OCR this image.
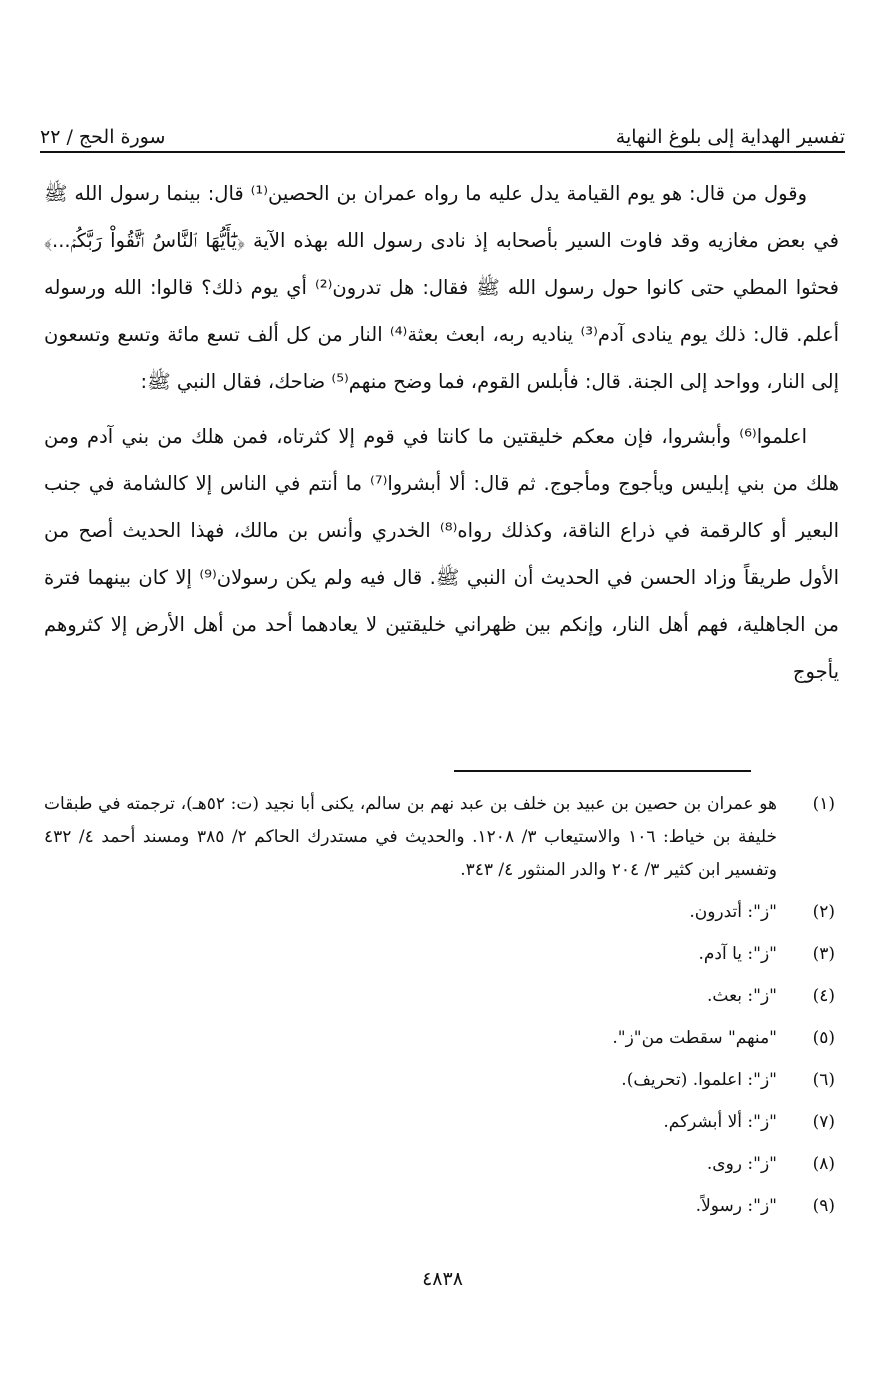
تفسير الهداية إلى بلوغ النهاية
سورة الحج / ٢٢

وقول من قال: هو يوم القيامة يدل عليه ما رواه عمران بن الحصين⁽¹⁾ قال: بينما رسول الله ﷺ في بعض مغازيه وقد فاوت السير بأصحابه إذ نادى رسول الله بهذه الآية ﴿يَٰٓأَيُّهَا ٱلنَّاسُ ٱتَّقُواْ رَبَّكُمۡ...﴾ فحثوا المطي حتى كانوا حول رسول الله ﷺ فقال: هل تدرون⁽²⁾ أي يوم ذلك؟ قالوا: الله ورسوله أعلم. قال: ذلك يوم ينادى آدم⁽³⁾ يناديه ربه، ابعث بعثة⁽⁴⁾ النار من كل ألف تسع مائة وتسع وتسعون إلى النار، وواحد إلى الجنة. قال: فأبلس القوم، فما وضح منهم⁽⁵⁾ ضاحك، فقال النبي ﷺ:

اعلموا⁽⁶⁾ وأبشروا، فإن معكم خليقتين ما كانتا في قوم إلا كثرتاه، فمن هلك من بني آدم ومن هلك من بني إبليس ويأجوج ومأجوج. ثم قال: ألا أبشروا⁽⁷⁾ ما أنتم في الناس إلا كالشامة في جنب البعير أو كالرقمة في ذراع الناقة، وكذلك رواه⁽⁸⁾ الخدري وأنس بن مالك، فهذا الحديث أصح من الأول طريقاً وزاد الحسن في الحديث أن النبي ﷺ. قال فيه ولم يكن رسولان⁽⁹⁾ إلا كان بينهما فترة من الجاهلية، فهم أهل النار، وإنكم بين ظهراني خليقتين لا يعادهما أحد من أهل الأرض إلا كثروهم يأجوج

(١)
هو عمران بن حصين بن عبيد بن خلف بن عبد نهم بن سالم، يكنى أبا نجيد (ت: ٥٢هـ)، ترجمته في طبقات خليفة بن خياط: ١٠٦ والاستيعاب ٣/ ١٢٠٨. والحديث في مستدرك الحاكم ٢/ ٣٨٥ ومسند أحمد ٤/ ٤٣٢ وتفسير ابن كثير ٣/ ٢٠٤ والدر المنثور ٤/ ٣٤٣.
(٢)
"ز": أتدرون.
(٣)
"ز": يا آدم.
(٤)
"ز": بعث.
(٥)
"منهم" سقطت من"ز".
(٦)
"ز": اعلموا. (تحريف).
(٧)
"ز": ألا أبشركم.
(٨)
"ز": روى.
(٩)
"ز": رسولاً.
٤٨٣٨
